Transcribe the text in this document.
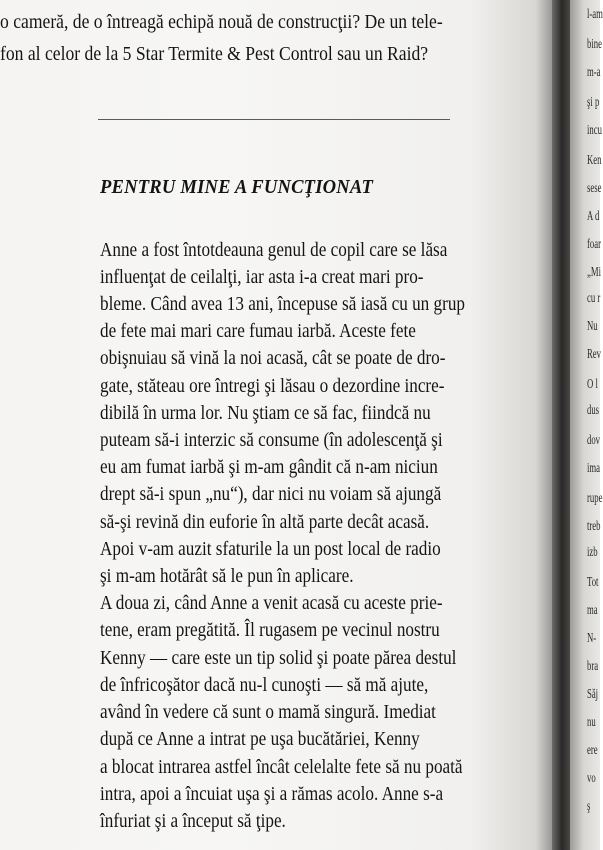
o cameră, de o întreagă echipă nouă de construcţii? De un tele-
fon al celor de la 5 Star Termite & Pest Control sau un Raid?
PENTRU MINE A FUNCŢIONAT
Anne a fost întotdeauna genul de copil care se lăsa
influenţat de ceilalţi, iar asta i-a creat mari pro-
bleme. Când avea 13 ani, începuse să iasă cu un grup
de fete mai mari care fumau iarbă. Aceste fete
obişnuiau să vină la noi acasă, cât se poate de dro-
gate, stăteau ore întregi şi lăsau o dezordine incre-
dibilă în urma lor. Nu ştiam ce să fac, fiindcă nu
puteam să-i interzic să consume (în adolescenţă şi
eu am fumat iarbă şi m-am gândit că n-am niciun
drept să-i spun „nu“), dar nici nu voiam să ajungă
să-şi revină din euforie în altă parte decât acasă.
Apoi v-am auzit sfaturile la un post local de radio
şi m-am hotărât să le pun în aplicare.
A doua zi, când Anne a venit acasă cu aceste prie-
tene, eram pregătită. Îl rugasem pe vecinul nostru
Kenny — care este un tip solid şi poate părea destul
de înfricoşător dacă nu-l cunoşti — să mă ajute,
având în vedere că sunt o mamă singură. Imediat
după ce Anne a intrat pe uşa bucătăriei, Kenny
a blocat intrarea astfel încât celelalte fete să nu poată
intra, apoi a încuiat uşa şi a rămas acolo. Anne s-a
înfuriat şi a început să ţipe.
l-am
bine
m-a
şi p
incu
Ken
sese
A d
foar
„Mi
cu r
Nu
Rev
O l
dus
dov
ima
rupe
treb
izb
Tot
ma
N-
bra
Săj
nu
ere
vo
ş
